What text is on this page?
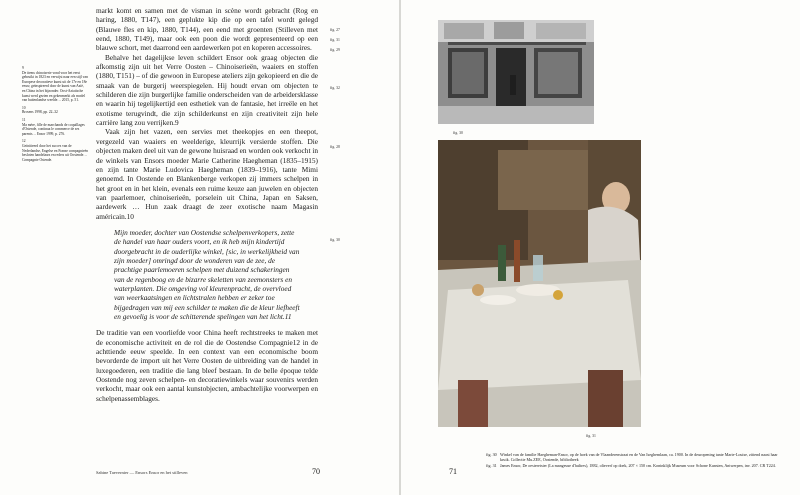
9
De items chinoiserie vond voor het eerst gebruikt in 1823 en verwijst naar een stijl van Europese decoratieve kunst uit de 17e en 18e eeuw, geïnspireerd door de kunst van Azië, en China in het bijzonder. Oost-Aziatische kunst werd gezien en gekenmerkt als model van buitenlandse weelde… 2015, p. 51.

10
Brosens 1998, pp. 22–32

11
Ma mère, fille de marchands de coquillages d'Ostende, continua le commerce de ses parents… Ensor 1999, p. 276.

12
Geïnitieerd door het succes van de Nederlandse, Engelse en Franse compagnieën besloten handelaars en reders uit Oostende… Compagnie Ostende.

markt komt en samen met de visman in scène wordt gebracht (Rog en haring, 1880, T147), een geplukte kip die op een tafel wordt gelegd (Blauwe fles en kip, 1880, T144), een eend met groenten (Stilleven met eend, 1880, T149), maar ook een poon die wordt gepresenteerd op een blauwe schort, met daarrond een aardewerken pot en koperen accessoires.

Behalve het dagelijkse leven schildert Ensor ook graag objecten die afkomstig zijn uit het Verre Oosten – Chinoiserieën, waaiers en stoffen (1880, T151) – of die gewoon in Europese ateliers zijn gekopieerd en die de smaak van de burgerij weerspiegelen. Hij houdt ervan om objecten te schilderen die zijn burgerlijke familie onderscheiden van de arbeidersklasse en waarin hij tegelijkertijd een esthetiek van de fantasie, het irreële en het exotisme terugvindt, die zijn schilderkunst en zijn creativiteit zijn hele carrière lang zou verrijken.9

Vaak zijn het vazen, een servies met theekopjes en een theepot, vergezeld van waaiers en weelderige, kleurrijk versierde stoffen. Die objecten maken deel uit van de gewone huisraad en worden ook verkocht in de winkels van Ensors moeder Marie Catherine Haegheman (1835–1915) en zijn tante Marie Ludovica Haegheman (1839–1916), tante Mimi genoemd. In Oostende en Blankenberge verkopen zij immers schelpen in het groot en in het klein, evenals een ruime keuze aan juwelen en objecten van paarlemoer, chinoiserieën, porselein uit China, Japan en Saksen, aardewerk … Hun zaak draagt de zeer exotische naam Magasin américain.10

Mijn moeder, dochter van Oostendse schelpenverkopers, zette de handel van haar ouders voort, en ik heb mijn kindertijd doorgebracht in de ouderlijke winkel, [sic, in werkelijkheid van zijn moeder] omringd door de wonderen van de zee, de prachtige paarlemoeren schelpen met duizend schakeringen van de regenboog en de bizarre skeletten van zeemonsters en waterplanten. Die omgeving vol kleurenpracht, de overvloed van weerkaatsingen en lichtstralen hebben er zeker toe bijgedragen van mij een schilder te maken die de kleur liefheeft en gevoelig is voor de schitterende spelingen van het licht.11

De traditie van een voorliefde voor China heeft rechtstreeks te maken met de economische activiteit en de rol die de Oostendse Compagnie12 in de achttiende eeuw speelde. In een context van een economische boom bevorderde de import uit het Verre Oosten de uitbreiding van de handel in luxegoederen, een traditie die lang bleef bestaan. In de belle époque telde Oostende nog zeven schelpen- en decoratiewinkels waar souvenirs werden verkocht, maar ook een aantal kunstobjecten, ambachtelijke voorwerpen en schelpenassemblages.

fig. 27
fig. 31
fig. 29
fig. 32
fig. 28
fig. 30
Sabine Taevernier — Ensors Ensor en het stilleven	70
fig. 30
fig. 31
fig. 30 Winkel van de familie Haegheman-Ensor, op de hoek van de Vlaanderenstraat en de Van Iseghemlaan, ca. 1900. In de deuropening tante Marie-Louise, zittend naast haar kruik. Collectie Mu.ZEE, Oostende, bibliotheek
fig. 31 James Ensor, De oesteretster (La mangeuse d'huîtres), 1882, olieverf op doek, 207 × 150 cm. Koninklijk Museum voor Schone Kunsten, Antwerpen, inv. 207. CR T224.
71
